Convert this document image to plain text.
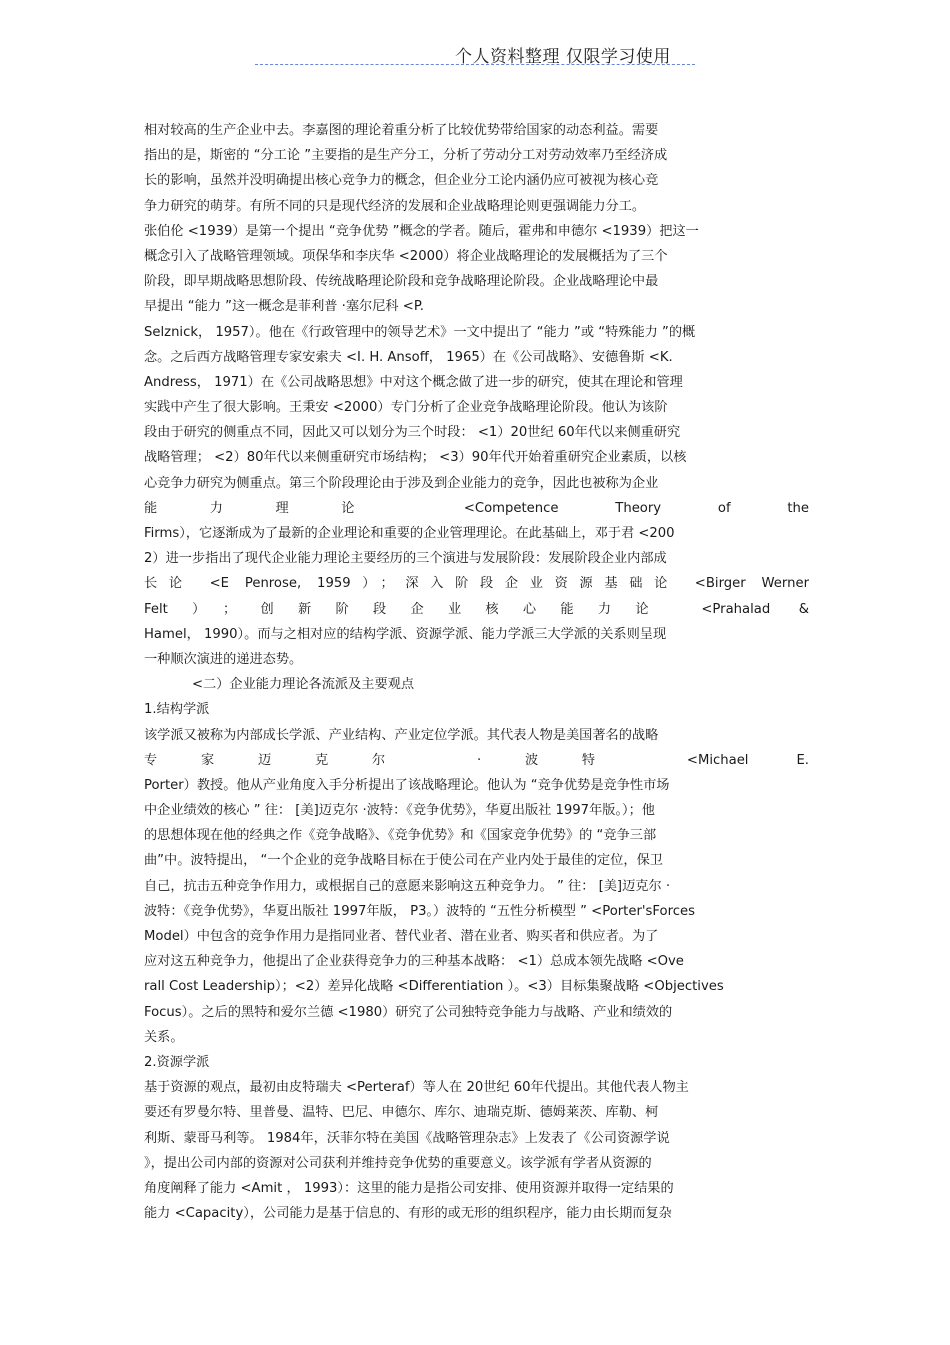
个人资料整理 仅限学习使用
相对较高的生产企业中去。李嘉图的理论着重分析了比较优势带给国家的动态利益。需要
指出的是，斯密的 “分工论 ”主要指的是生产分工，分析了劳动分工对劳动效率乃至经济成
长的影响，虽然并没明确提出核心竞争力的概念，但企业分工论内涵仍应可被视为核心竞
争力研究的萌芽。有所不同的只是现代经济的发展和企业战略理论则更强调能力分工。
张伯伦 <1939）是第一个提出 “竞争优势 ”概念的学者。随后，霍弗和申德尔 <1939）把这一
概念引入了战略管理领域。项保华和李庆华 <2000）将企业战略理论的发展概括为了三个
阶段，即早期战略思想阶段、传统战略理论阶段和竞争战略理论阶段。企业战略理论中最
早提出 “能力 ”这一概念是菲利普 ·塞尔尼科 <P.
Selznick， 1957）。他在《行政管理中的领导艺术》一文中提出了 “能力 ”或 “特殊能力 ”的概
念。之后西方战略管理专家安索夫 <I. H. Ansoff， 1965）在《公司战略》、安德鲁斯 <K.
Andress， 1971）在《公司战略思想》中对这个概念做了进一步的研究，使其在理论和管理
实践中产生了很大影响。王秉安 <2000）专门分析了企业竞争战略理论阶段。他认为该阶
段由于研究的侧重点不同，因此又可以划分为三个时段： <1）20世纪 60年代以来侧重研究
战略管理； <2）80年代以来侧重研究市场结构； <3）90年代开始着重研究企业素质，以核
心竞争力研究为侧重点。第三个阶段理论由于涉及到企业能力的竞争，因此也被称为企业
能力理论 <Competence Theory of the
Firms），它逐渐成为了最新的企业理论和重要的企业管理理论。在此基础上，邓于君 <200
2）进一步指出了现代企业能力理论主要经历的三个演进与发展阶段：发展阶段企业内部成
长论 <E Penrose, 1959）；深入阶段企业资源基础论 <Birger Werner
Felt）；创新阶段企业核心能力论 <Prahalad &
Hamel， 1990）。而与之相对应的结构学派、资源学派、能力学派三大学派的关系则呈现
一种顺次演进的递进态势。
<二）企业能力理论各流派及主要观点
1.结构学派
该学派又被称为内部成长学派、产业结构、产业定位学派。其代表人物是美国著名的战略
专家迈克尔 ·波特 <Michael E.
Porter）教授。他从产业角度入手分析提出了该战略理论。他认为 “竞争优势是竞争性市场
中企业绩效的核心 ” 往： [美]迈克尔 ·波特：《竞争优势》，华夏出版社 1997年版。）；他
的思想体现在他的经典之作《竞争战略》、《竞争优势》和《国家竞争优势》的 “竞争三部
曲”中。波特提出， “一个企业的竞争战略目标在于使公司在产业内处于最佳的定位，保卫
自己，抗击五种竞争作用力，或根据自己的意愿来影响这五种竞争力。 ” 往： [美]迈克尔 ·
波特：《竞争优势》，华夏出版社 1997年版， P3。）波特的 “五性分析模型 ” <Porter'sForces
Model）中包含的竞争作用力是指同业者、替代业者、潜在业者、购买者和供应者。为了
应对这五种竞争力，他提出了企业获得竞争力的三种基本战略： <1）总成本领先战略 <Ove
rall Cost Leadership）；<2）差异化战略 <Differentiation ）。<3）目标集聚战略 <Objectives
Focus）。之后的黑特和爱尔兰德 <1980）研究了公司独特竞争能力与战略、产业和绩效的
关系。
2.资源学派
基于资源的观点，最初由皮特瑞夫 <Perteraf）等人在 20世纪 60年代提出。其他代表人物主
要还有罗曼尔特、里普曼、温特、巴尼、申德尔、库尔、迪瑞克斯、德姆莱茨、库勒、柯
利斯、蒙哥马利等。 1984年，沃菲尔特在美国《战略管理杂志》上发表了《公司资源学说
》，提出公司内部的资源对公司获利并维持竞争优势的重要意义。该学派有学者从资源的
角度阐释了能力 <Amit ， 1993）：这里的能力是指公司安排、使用资源并取得一定结果的
能力 <Capacity），公司能力是基于信息的、有形的或无形的组织程序，能力由长期而复杂
